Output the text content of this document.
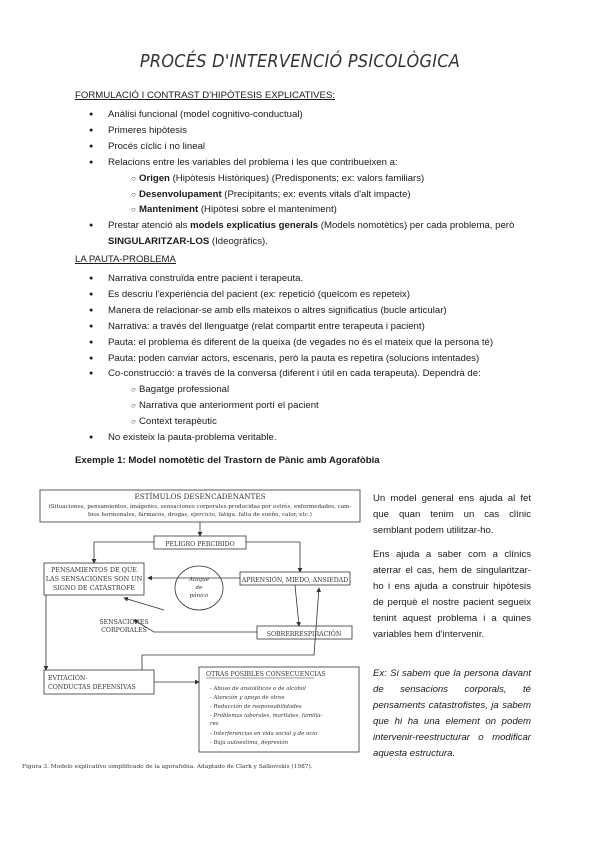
PROCÉS D'INTERVENCIÓ PSICOLÒGICA
FORMULACIÓ I CONTRAST D'HIPÒTESIS EXPLICATIVES:
● Anàlisi funcional (model cognitivo-conductual)
● Primeres hipòtesis
● Procés cíclic i no lineal
● Relacions entre les variables del problema i les que contribueixen a:
○ Origen (Hipòtesis Històriques) (Predisponents; ex: valors familiars)
○ Desenvolupament (Precipitants; ex: events vitals d'alt impacte)
○ Manteniment (Hipòtesi sobre el manteniment)
● Prestar atenció als models explicatius generals (Models nomotètics) per cada problema, però SINGULARITZAR-LOS (Ideogràfics).
LA PAUTA-PROBLEMA
● Narrativa construïda entre pacient i terapeuta.
● Es descriu l'experiència del pacient (ex: repetició (quelcom es repeteix)
● Manera de relacionar-se amb ells mateixos o altres significatius (bucle articular)
● Narrativa: a través del llenguatge (relat compartit entre terapeuta i pacient)
● Pauta: el problema és diferent de la queixa (de vegades no és el mateix que la persona té)
● Pauta: poden canviar actors, escenaris, però la pauta es repetira (solucions intentades)
● Co-construcció: a través de la conversa (diferent i útil en cada terapeuta). Dependrà de:
○ Bagatge professional
○ Narrativa que anteriorment portí el pacient
○ Context terapèutic
● No existeix la pauta-problema veritable.
Exemple 1: Model nomotètic del Trastorn de Pànic amb Agorafòbia
ESTÍMULOS DESENCADENANTES
(Situaciones, pensamientos, imágenes, sensaciones corporales producidas por estrés, enfermedades, cam-
bios hormonales, fármacos, drogas, ejercicio, fatiga, falta de sueño, calor, etc.)
PELIGRO PERCIBIDO
PENSAMIENTOS DE QUE
LAS SENSACIONES SON UN
SIGNO DE CATÁSTROFE
Ataque
de
pánico
APRENSIÓN, MIEDO, ANSIEDAD
SENSACIONES
CORPORALES
SOBRERRESPIRACIÓN
EVITACIÓN-
CONDUCTAS DEFENSIVAS
OTRAS POSIBLES CONSECUENCIAS
- Abuso de ansiolíticos o de alcohol
- Atención y apoyo de otros
- Reducción de responsabilidades
- Problemas laborales, maritales, familia-
res
- Interferencias en vida social y de ocio
- Baja autoestima, depresión
Figura 3. Modelo explicativo simplificado de la agorafobia. Adaptado de Clark y Salkovskis (1987).
Un model general ens ajuda al fet que quan tenim un cas clínic semblant podem utilitzar-ho.
Ens ajuda a saber com a clínics aterrar el cas, hem de singularitzar-ho i ens ajuda a construir hipòtesis de perquè el nostre pacient segueix tenint aquest problema i a quines variables hem d'intervenir.
Ex: Si sabem que la persona davant de sensacions corporals, té pensaments catastrofistes, ja sabem que hi ha una element on podem intervenir-reestructurar o modificar aquesta estructura.
